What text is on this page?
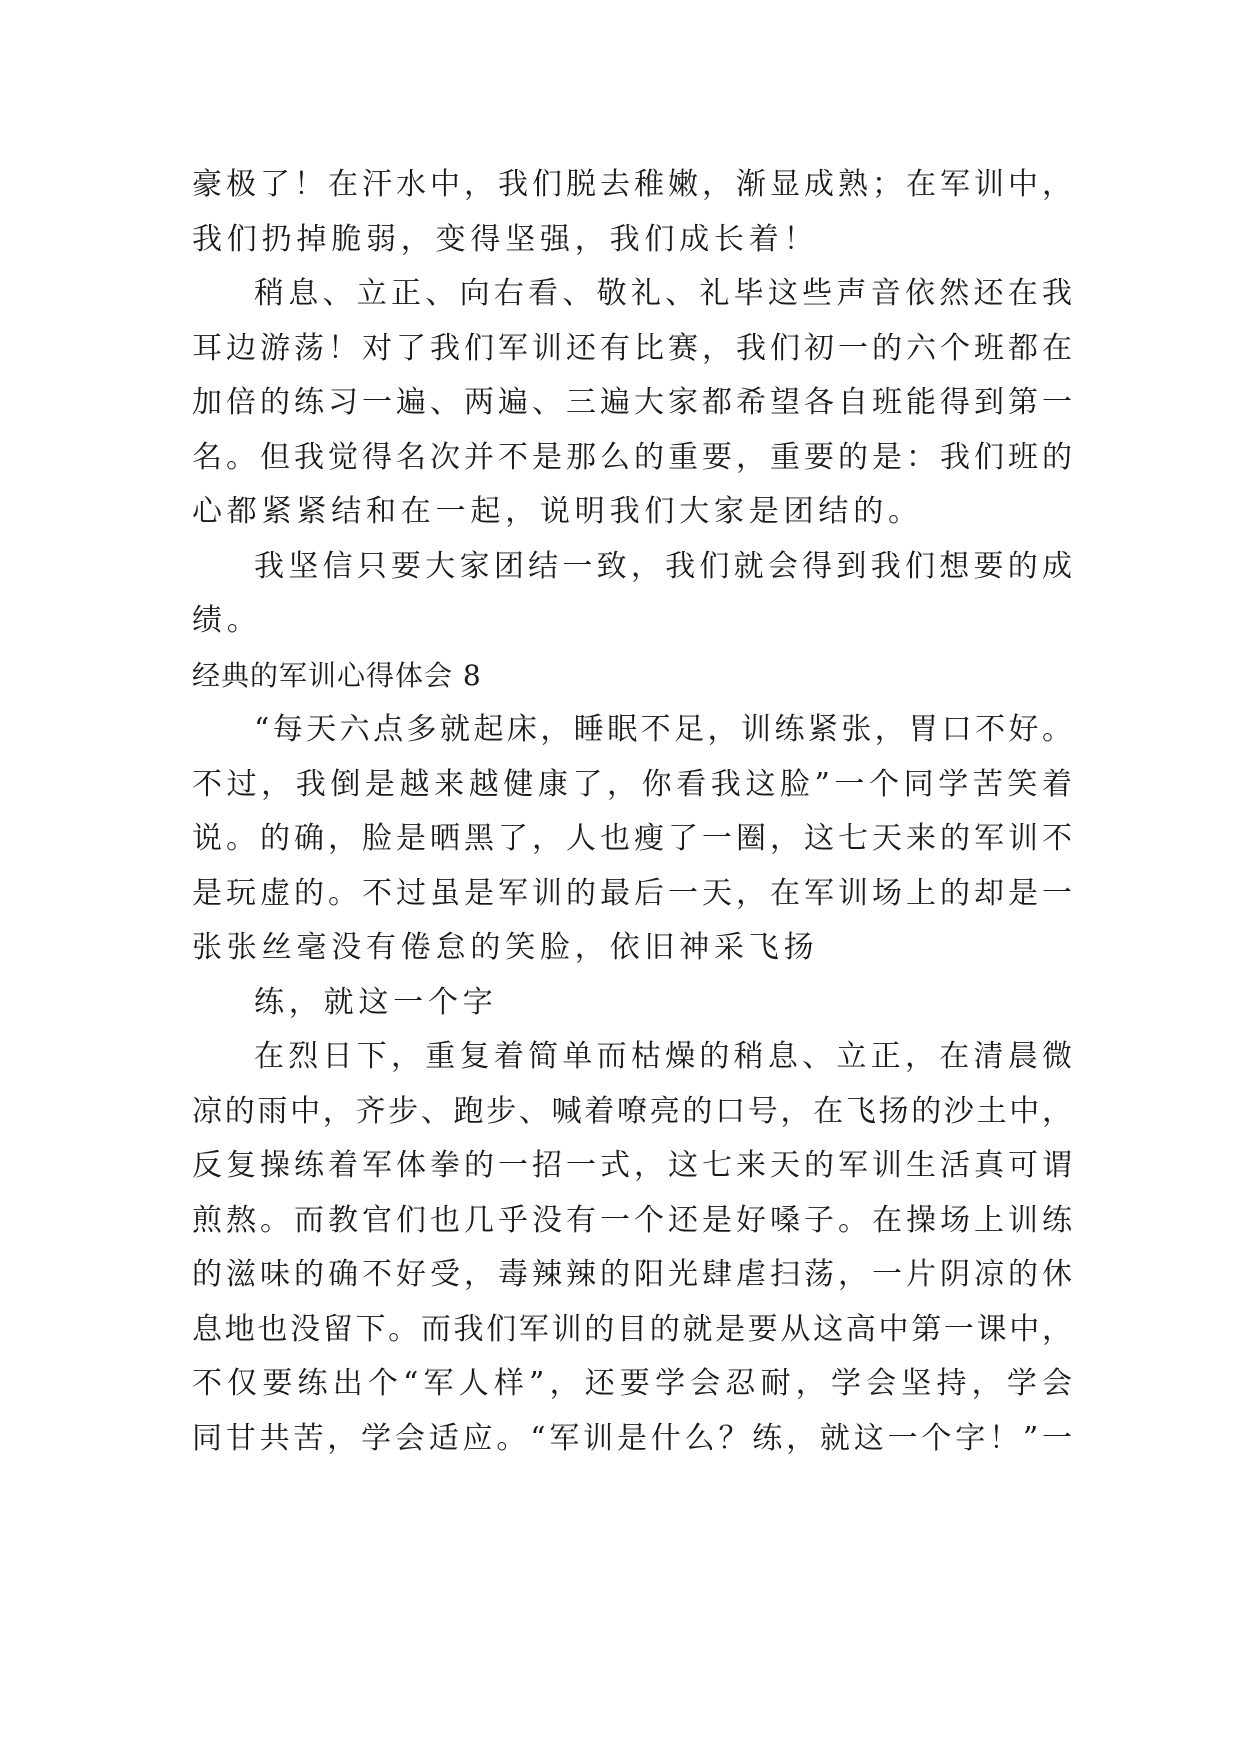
豪极了！在汗水中，我们脱去稚嫩，渐显成熟；在军训中，
我们扔掉脆弱，变得坚强，我们成长着！
稍息、立正、向右看、敬礼、礼毕这些声音依然还在我
耳边游荡！对了我们军训还有比赛，我们初一的六个班都在
加倍的练习一遍、两遍、三遍大家都希望各自班能得到第一
名。但我觉得名次并不是那么的重要，重要的是：我们班的
心都紧紧结和在一起，说明我们大家是团结的。
我坚信只要大家团结一致，我们就会得到我们想要的成
绩。
经典的军训心得体会 8
“每天六点多就起床，睡眠不足，训练紧张，胃口不好。
不过，我倒是越来越健康了，你看我这脸”一个同学苦笑着
说。的确，脸是晒黑了，人也瘦了一圈，这七天来的军训不
是玩虚的。不过虽是军训的最后一天，在军训场上的却是一
张张丝毫没有倦怠的笑脸，依旧神采飞扬
练，就这一个字
在烈日下，重复着简单而枯燥的稍息、立正，在清晨微
凉的雨中，齐步、跑步、喊着嘹亮的口号，在飞扬的沙土中，
反复操练着军体拳的一招一式，这七来天的军训生活真可谓
煎熬。而教官们也几乎没有一个还是好嗓子。在操场上训练
的滋味的确不好受，毒辣辣的阳光肆虐扫荡，一片阴凉的休
息地也没留下。而我们军训的目的就是要从这高中第一课中，
不仅要练出个“军人样”，还要学会忍耐，学会坚持，学会
同甘共苦，学会适应。“军训是什么？练，就这一个字！”一
